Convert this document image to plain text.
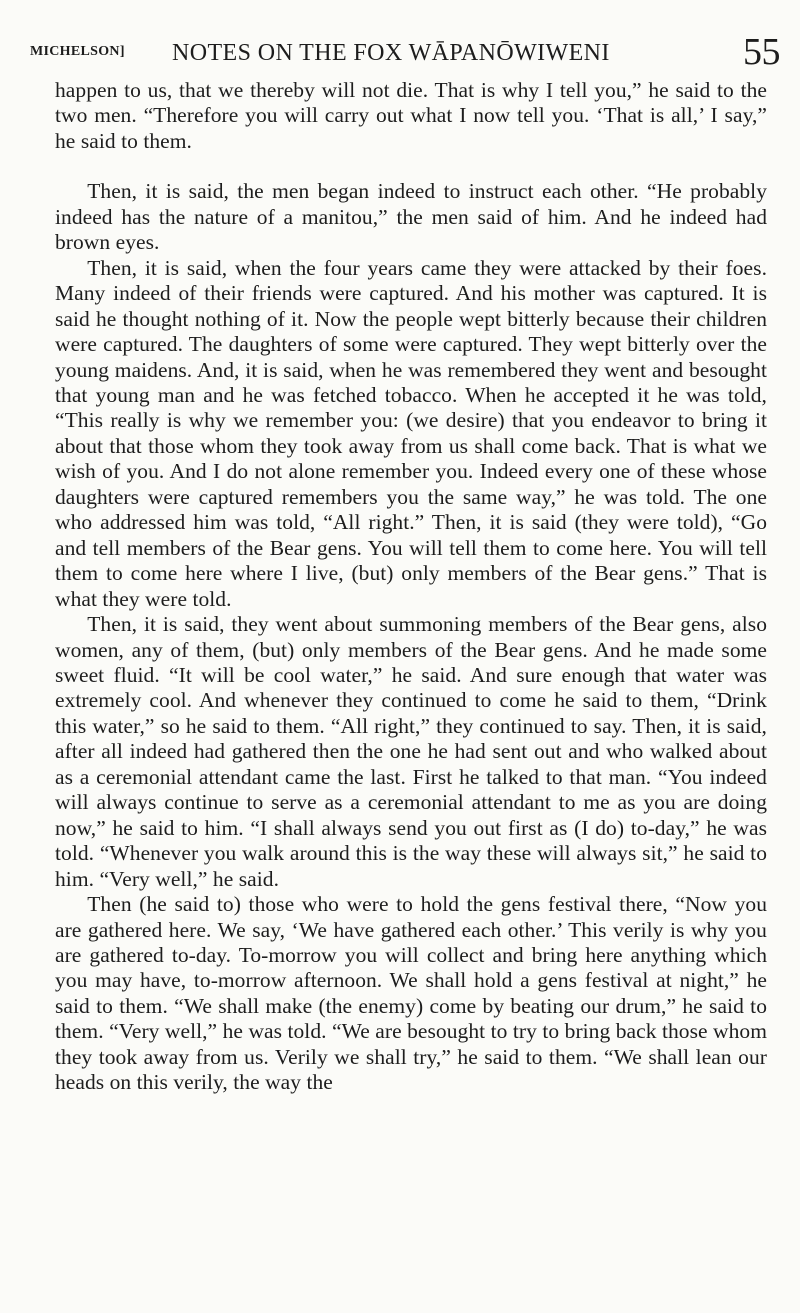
MICHELSON] NOTES ON THE FOX WĀPANŌWIWENI	55

happen to us, that we thereby will not die. That is why I tell you,” he said to the two men. “Therefore you will carry out what I now tell you. ‘That is all,’ I say,” he said to them.

Then, it is said, the men began indeed to instruct each other. “He probably indeed has the nature of a manitou,” the men said of him. And he indeed had brown eyes.

Then, it is said, when the four years came they were attacked by their foes. Many indeed of their friends were captured. And his mother was captured. It is said he thought nothing of it. Now the people wept bitterly because their children were captured. The daughters of some were captured. They wept bitterly over the young maidens. And, it is said, when he was remembered they went and besought that young man and he was fetched tobacco. When he accepted it he was told, “This really is why we remember you: (we desire) that you endeavor to bring it about that those whom they took away from us shall come back. That is what we wish of you. And I do not alone remember you. Indeed every one of these whose daughters were captured remembers you the same way,” he was told. The one who addressed him was told, “All right.” Then, it is said (they were told), “Go and tell members of the Bear gens. You will tell them to come here. You will tell them to come here where I live, (but) only members of the Bear gens.” That is what they were told.

Then, it is said, they went about summoning members of the Bear gens, also women, any of them, (but) only members of the Bear gens. And he made some sweet fluid. “It will be cool water,” he said. And sure enough that water was extremely cool. And whenever they continued to come he said to them, “Drink this water,” so he said to them. “All right,” they continued to say. Then, it is said, after all indeed had gathered then the one he had sent out and who walked about as a ceremonial attendant came the last. First he talked to that man. “You indeed will always continue to serve as a ceremonial attendant to me as you are doing now,” he said to him. “I shall always send you out first as (I do) to-day,” he was told. “Whenever you walk around this is the way these will always sit,” he said to him. “Very well,” he said.

Then (he said to) those who were to hold the gens festival there, “Now you are gathered here. We say, ‘We have gathered each other.’ This verily is why you are gathered to-day. To-morrow you will collect and bring here anything which you may have, to-morrow afternoon. We shall hold a gens festival at night,” he said to them. “We shall make (the enemy) come by beating our drum,” he said to them. “Very well,” he was told. “We are besought to try to bring back those whom they took away from us. Verily we shall try,” he said to them. “We shall lean our heads on this verily, the way the
